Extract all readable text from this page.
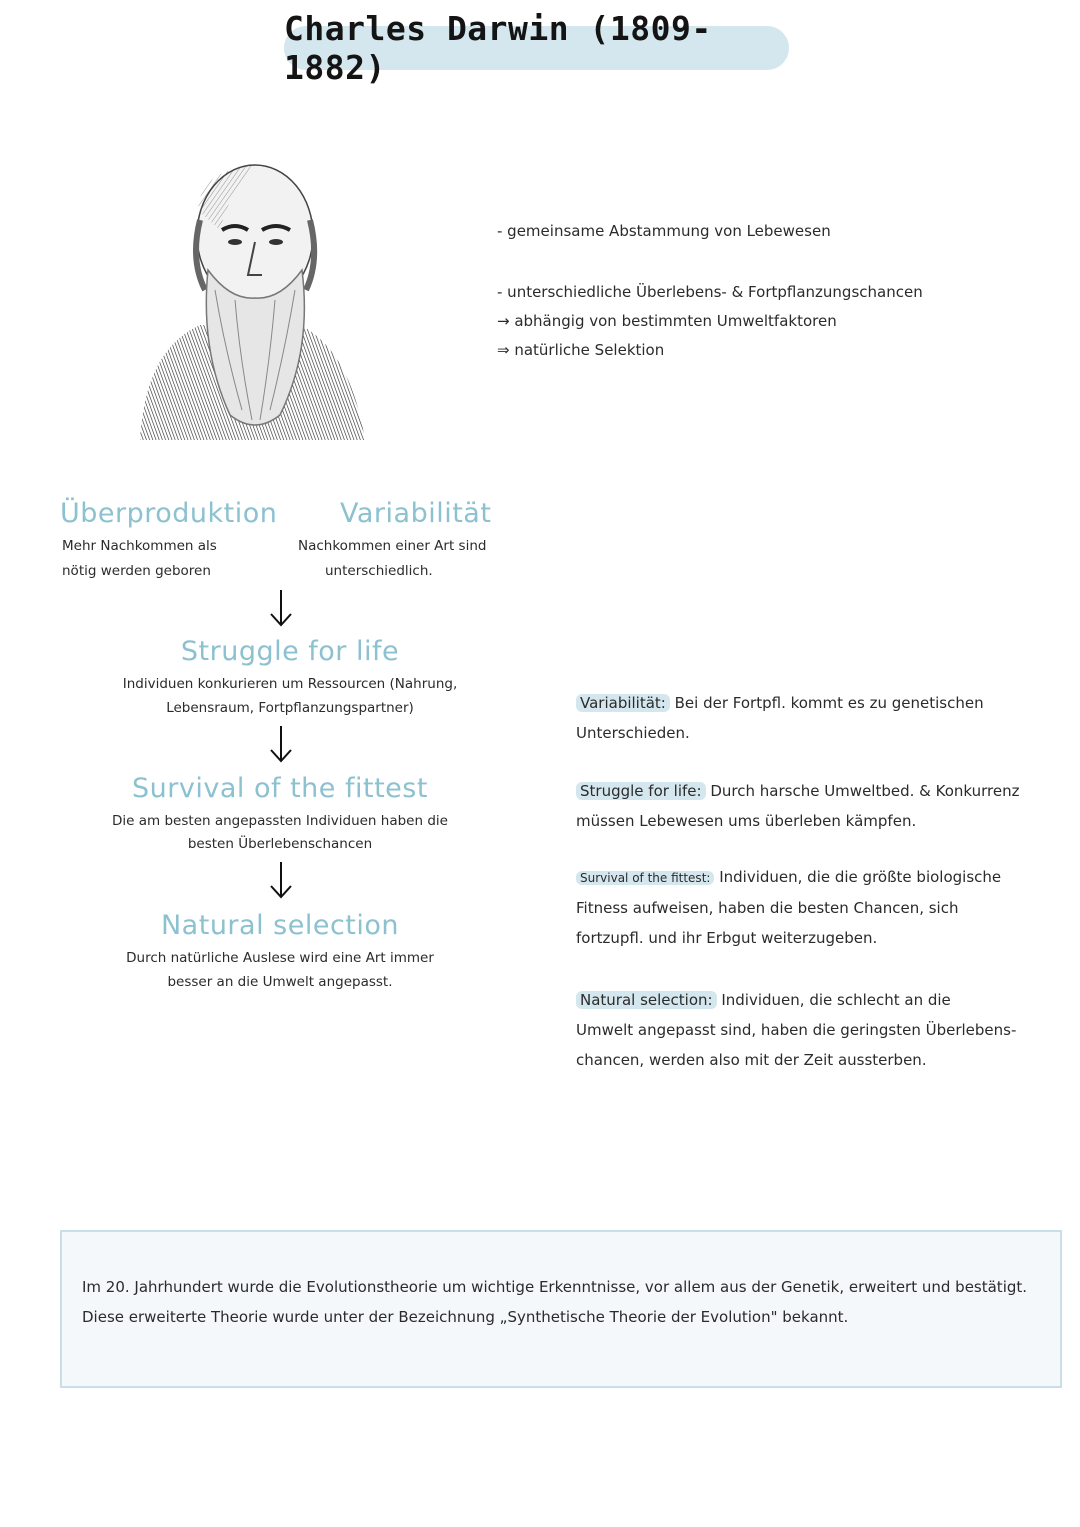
Charles Darwin (1809-1882)
- gemeinsame Abstammung von Lebewesen
- unterschiedliche Überlebens- & Fortpflanzungschancen
→ abhängig von bestimmten Umweltfaktoren
⇒ natürliche Selektion
Überproduktion
Mehr Nachkommen als
nötig werden geboren
Variabilität
Nachkommen einer Art sind
unterschiedlich.
Struggle for life
Individuen konkurieren um Ressourcen (Nahrung,
Lebensraum, Fortpflanzungspartner)
Survival of the fittest
Die am besten angepassten Individuen haben die
besten Überlebenschancen
Natural selection
Durch natürliche Auslese wird eine Art immer
besser an die Umwelt angepasst.
Variabilität: Bei der Fortpfl. kommt es zu genetischen
Unterschieden.
Struggle for life: Durch harsche Umweltbed. & Konkurrenz
müssen Lebewesen ums überleben kämpfen.
Survival of the fittest: Individuen, die die größte biologische
Fitness aufweisen, haben die besten Chancen, sich
fortzupfl. und ihr Erbgut weiterzugeben.
Natural selection: Individuen, die schlecht an die
Umwelt angepasst sind, haben die geringsten Überlebens-
chancen, werden also mit der Zeit aussterben.
Im 20. Jahrhundert wurde die Evolutionstheorie um wichtige Erkenntnisse, vor allem aus der Genetik, erweitert und bestätigt. Diese erweiterte Theorie wurde unter der Bezeichnung „Synthetische Theorie der Evolution" bekannt.
